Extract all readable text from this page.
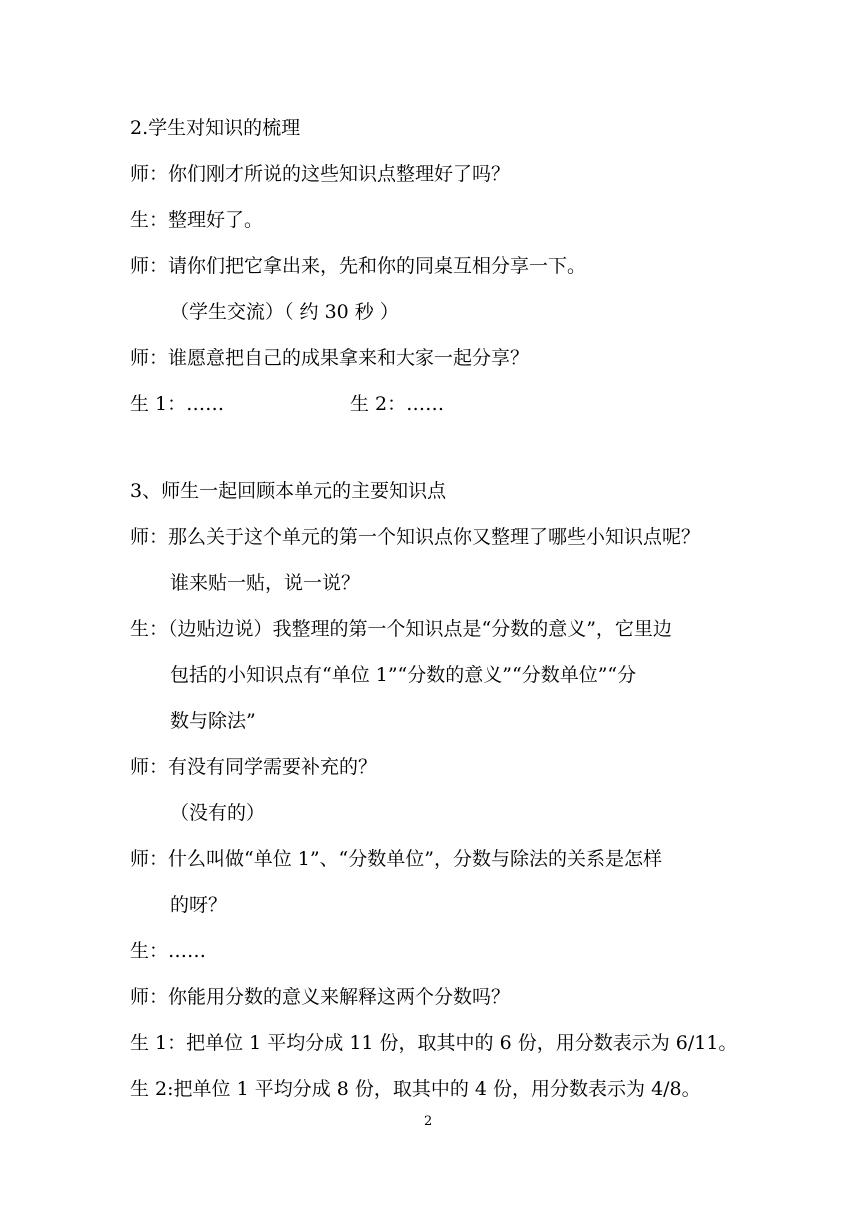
2.学生对知识的梳理
师：你们刚才所说的这些知识点整理好了吗？
生：整理好了。
师：请你们把它拿出来，先和你的同桌互相分享一下。
（学生交流）（ 约 30 秒 ）
师：谁愿意把自己的成果拿来和大家一起分享？
生 1：……	生 2：……
3、师生一起回顾本单元的主要知识点
师：那么关于这个单元的第一个知识点你又整理了哪些小知识点呢？
谁来贴一贴，说一说？
生：（边贴边说）我整理的第一个知识点是“分数的意义”，它里边
包括的小知识点有“单位 1”“分数的意义”“分数单位”“分
数与除法”
师：有没有同学需要补充的？
（没有的）
师：什么叫做“单位 1”、“分数单位”，分数与除法的关系是怎样
的呀？
生：……
师：你能用分数的意义来解释这两个分数吗？
生 1：把单位 1 平均分成 11 份，取其中的 6 份，用分数表示为 6/11。
生 2:把单位 1 平均分成 8 份，取其中的 4 份，用分数表示为 4/8。
2
